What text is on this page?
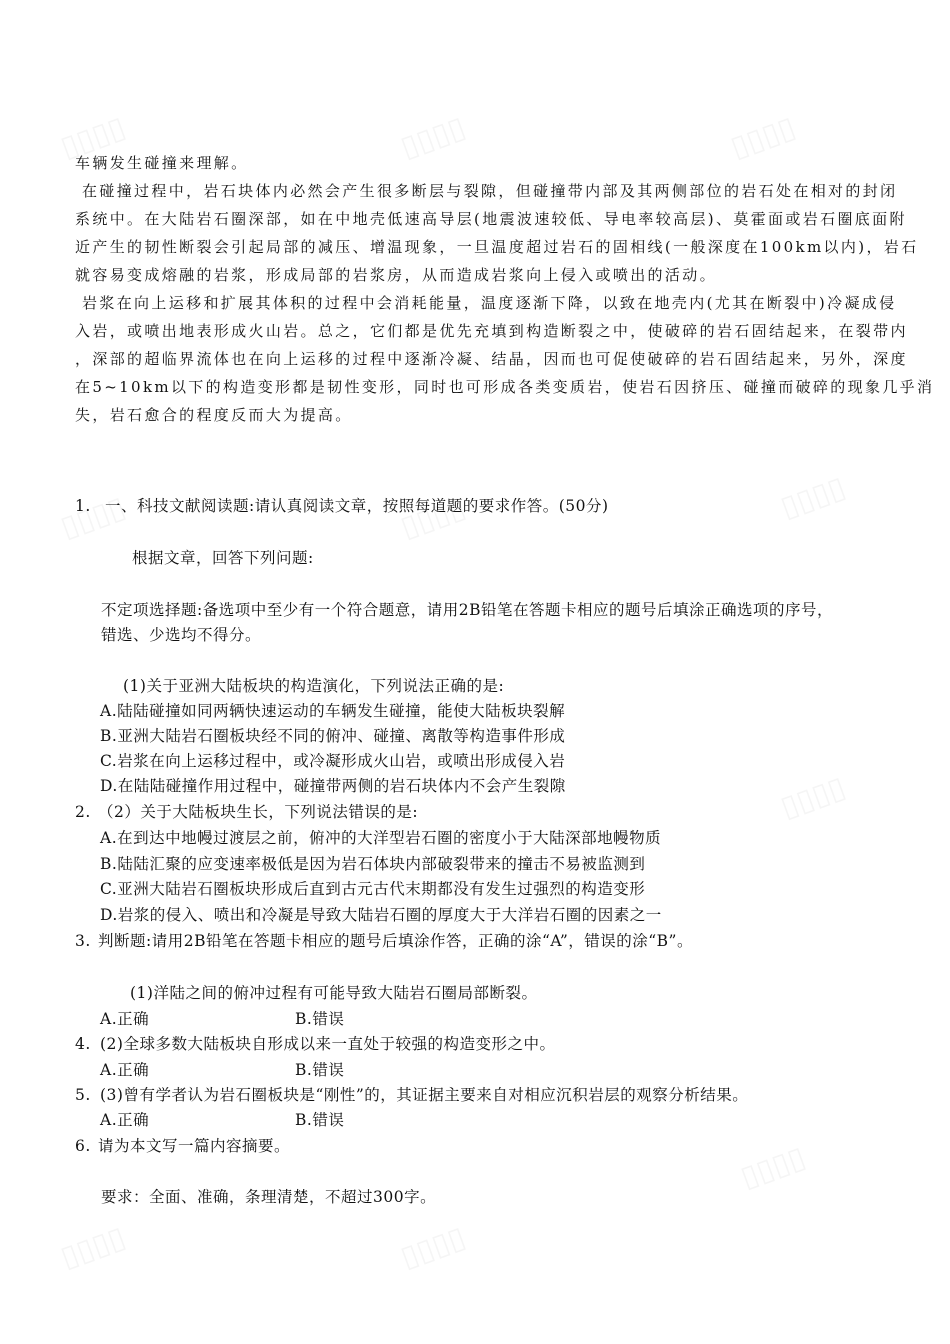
车辆发生碰撞来理解。
在碰撞过程中，岩石块体内必然会产生很多断层与裂隙，但碰撞带内部及其两侧部位的岩石处在相对的封闭
系统中。在大陆岩石圈深部，如在中地壳低速高导层(地震波速较低、导电率较高层)、莫霍面或岩石圈底面附
近产生的韧性断裂会引起局部的减压、增温现象，一旦温度超过岩石的固相线(一般深度在100km以内)，岩石
就容易变成熔融的岩浆，形成局部的岩浆房，从而造成岩浆向上侵入或喷出的活动。
岩浆在向上运移和扩展其体积的过程中会消耗能量，温度逐渐下降，以致在地壳内(尤其在断裂中)冷凝成侵
入岩，或喷出地表形成火山岩。总之，它们都是优先充填到构造断裂之中，使破碎的岩石固结起来，在裂带内
，深部的超临界流体也在向上运移的过程中逐渐冷凝、结晶，因而也可促使破碎的岩石固结起来，另外，深度
在5~10km以下的构造变形都是韧性变形，同时也可形成各类变质岩，使岩石因挤压、碰撞而破碎的现象几乎消
失，岩石愈合的程度反而大为提高。
1. 一、科技文献阅读题:请认真阅读文章，按照每道题的要求作答。(50分)
根据文章，回答下列问题:
不定项选择题:备选项中至少有一个符合题意，请用2B铅笔在答题卡相应的题号后填涂正确选项的序号，
错选、少选均不得分。
(1)关于亚洲大陆板块的构造演化，下列说法正确的是:
A.陆陆碰撞如同两辆快速运动的车辆发生碰撞，能使大陆板块裂解
B.亚洲大陆岩石圈板块经不同的俯冲、碰撞、离散等构造事件形成
C.岩浆在向上运移过程中，或冷凝形成火山岩，或喷出形成侵入岩
D.在陆陆碰撞作用过程中，碰撞带两侧的岩石块体内不会产生裂隙
2. （2）关于大陆板块生长，下列说法错误的是:
A.在到达中地幔过渡层之前，俯冲的大洋型岩石圈的密度小于大陆深部地幔物质
B.陆陆汇聚的应变速率极低是因为岩石体块内部破裂带来的撞击不易被监测到
C.亚洲大陆岩石圈板块形成后直到古元古代末期都没有发生过强烈的构造变形
D.岩浆的侵入、喷出和冷凝是导致大陆岩石圈的厚度大于大洋岩石圈的因素之一
3. 判断题:请用2B铅笔在答题卡相应的题号后填涂作答，正确的涂“A”，错误的涂“B”。
(1)洋陆之间的俯冲过程有可能导致大陆岩石圈局部断裂。
A.正确	B.错误
4. (2)全球多数大陆板块自形成以来一直处于较强的构造变形之中。
A.正确	B.错误
5. (3)曾有学者认为岩石圈板块是“刚性”的，其证据主要来自对相应沉积岩层的观察分析结果。
A.正确	B.错误
6. 请为本文写一篇内容摘要。
要求：全面、准确，条理清楚，不超过300字。
